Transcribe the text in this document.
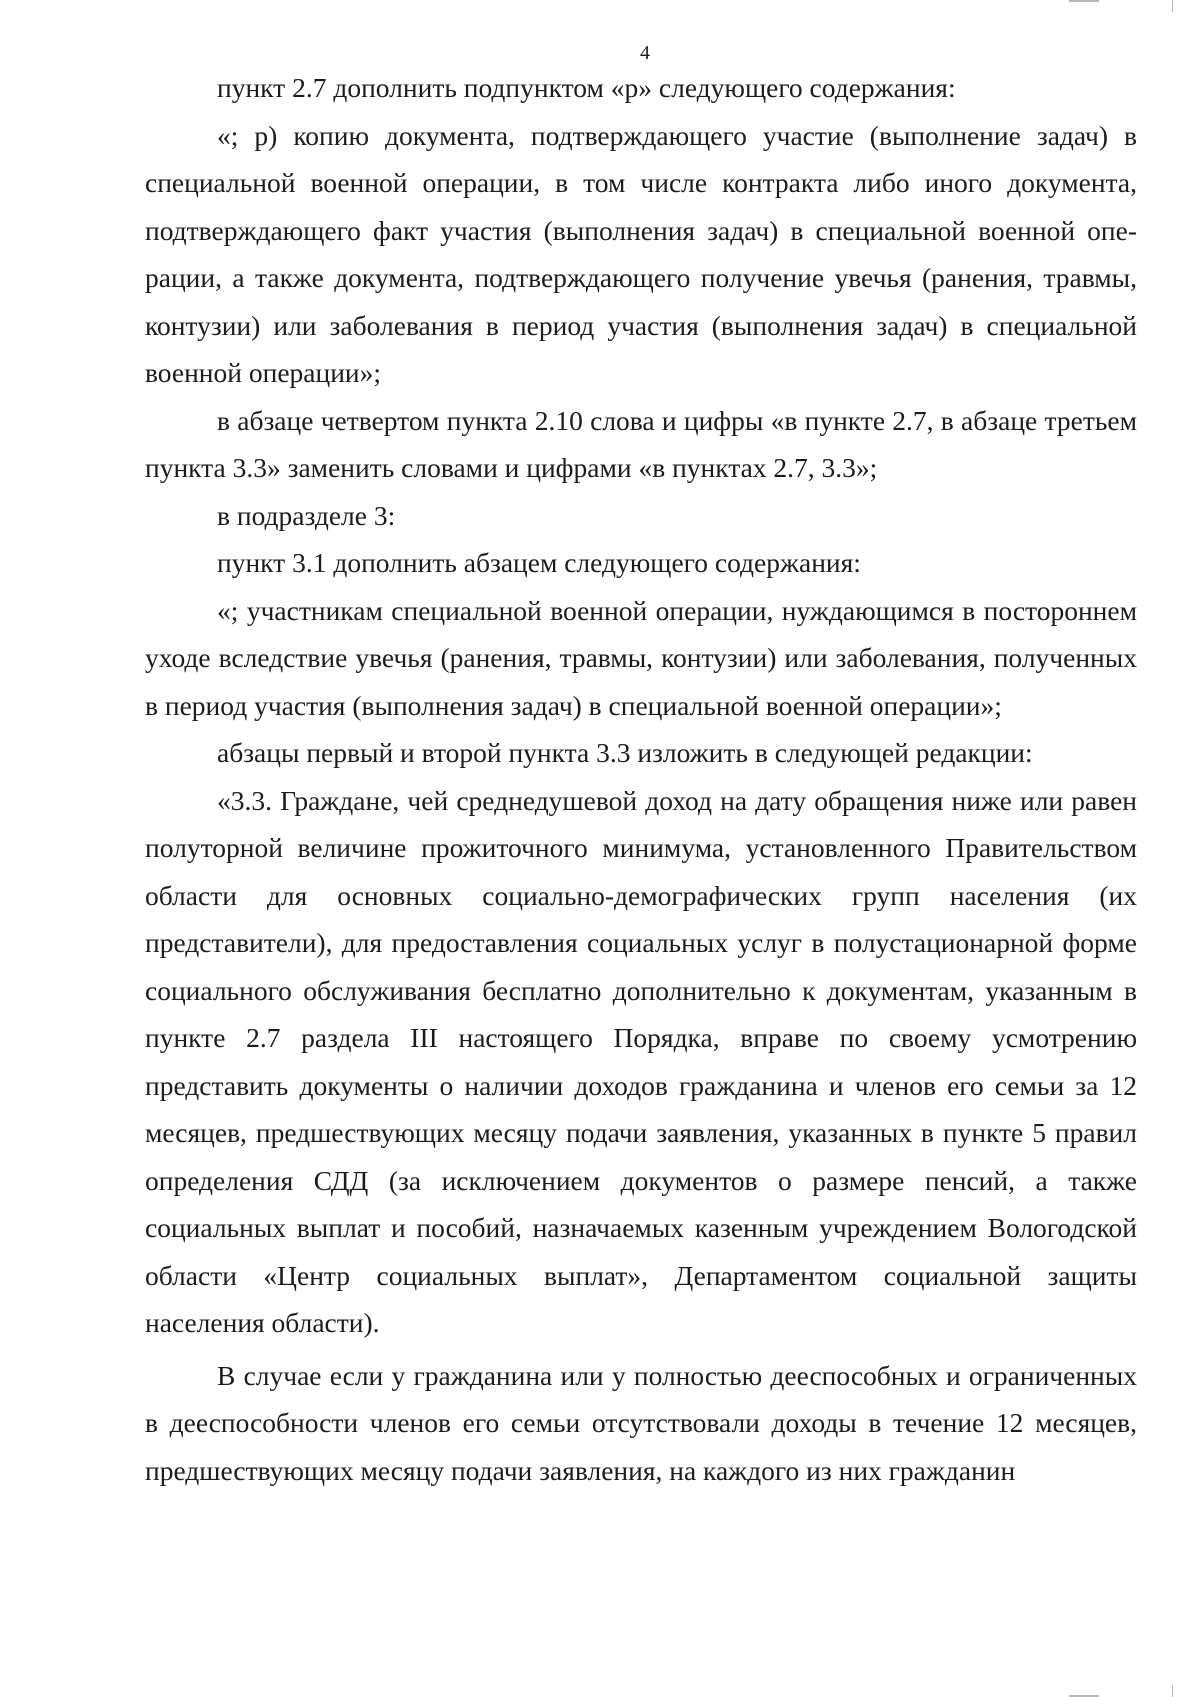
4

пункт 2.7 дополнить подпунктом «р» следующего содержания:

«; р) копию документа, подтверждающего участие (выполнение задач) в специальной военной операции, в том числе контракта либо иного документа, подтверждающего факт участия (выполнения задач) в специальной военной операции, а также документа, подтверждающего получение увечья (ранения, травмы, контузии) или заболевания в период участия (выполнения задач) в специальной военной операции»;

в абзаце четвертом пункта 2.10 слова и цифры «в пункте 2.7, в абзаце третьем пункта 3.3» заменить словами и цифрами «в пунктах 2.7, 3.3»;

в подразделе 3:

пункт 3.1 дополнить абзацем следующего содержания:

«; участникам специальной военной операции, нуждающимся в постороннем уходе вследствие увечья (ранения, травмы, контузии) или заболевания, полученных в период участия (выполнения задач) в специальной военной операции»;

абзацы первый и второй пункта 3.3 изложить в следующей редакции:

«3.3. Граждане, чей среднедушевой доход на дату обращения ниже или равен полуторной величине прожиточного минимума, установленного Правительством области для основных социально-демографических групп населения (их представители), для предоставления социальных услуг в полустационарной форме социального обслуживания бесплатно дополнительно к документам, указанным в пункте 2.7 раздела III настоящего Порядка, вправе по своему усмотрению представить документы о наличии доходов гражданина и членов его семьи за 12 месяцев, предшествующих месяцу подачи заявления, указанных в пункте 5 правил определения СДД (за исключением документов о размере пенсий, а также социальных выплат и пособий, назначаемых казенным учреждением Вологодской области «Центр социальных выплат», Департаментом социальной защиты населения области).

В случае если у гражданина или у полностью дееспособных и ограниченных в дееспособности членов его семьи отсутствовали доходы в течение 12 месяцев, предшествующих месяцу подачи заявления, на каждого из них гражданин
